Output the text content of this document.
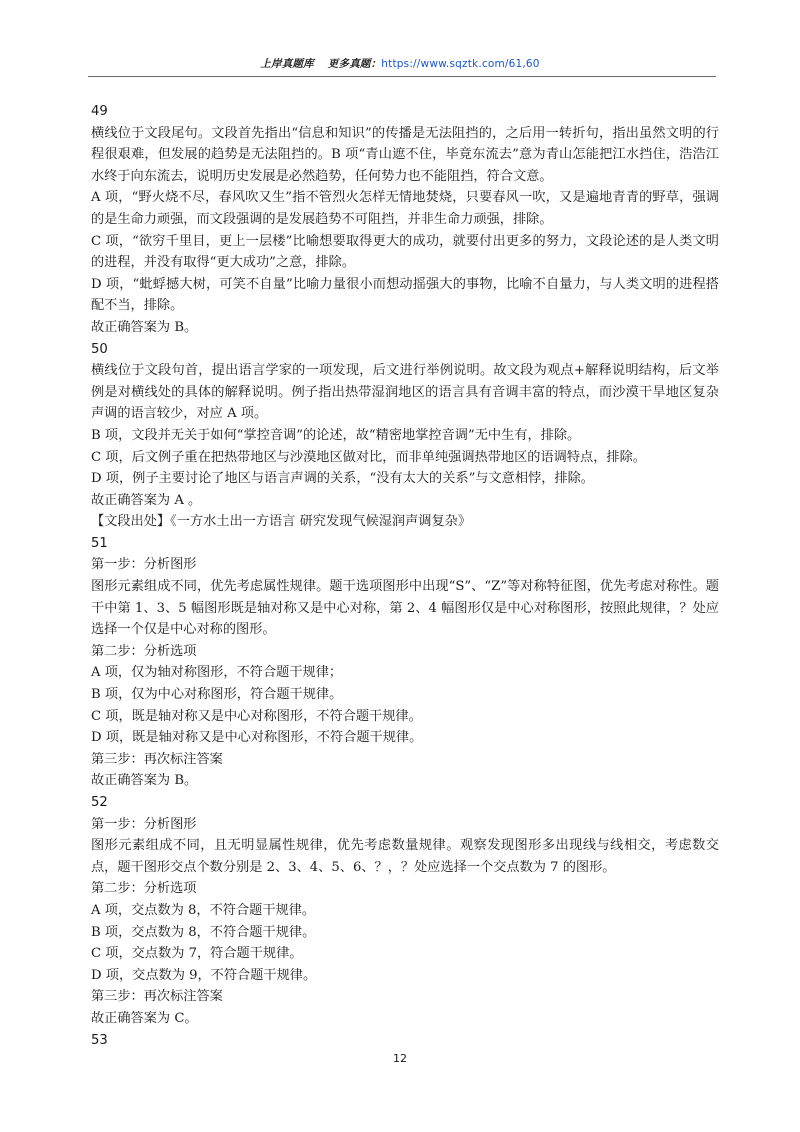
上岸真题库 更多真题：https://www.sqztk.com/61,60

49

横线位于文段尾句。文段首先指出“信息和知识”的传播是无法阻挡的，之后用一转折句，指出虽然文明的行程很艰难，但发展的趋势是无法阻挡的。B 项“青山遮不住，毕竟东流去”意为青山怎能把江水挡住，浩浩江水终于向东流去，说明历史发展是必然趋势，任何势力也不能阻挡，符合文意。

A 项，“野火烧不尽，春风吹又生”指不管烈火怎样无情地焚烧，只要春风一吹，又是遍地青青的野草，强调的是生命力顽强，而文段强调的是发展趋势不可阻挡，并非生命力顽强，排除。

C 项，“欲穷千里目，更上一层楼”比喻想要取得更大的成功，就要付出更多的努力，文段论述的是人类文明的进程，并没有取得“更大成功”之意，排除。

D 项，“蚍蜉撼大树，可笑不自量”比喻力量很小而想动摇强大的事物，比喻不自量力，与人类文明的进程搭配不当，排除。

故正确答案为 B。

50

横线位于文段句首，提出语言学家的一项发现，后文进行举例说明。故文段为观点+解释说明结构，后文举例是对横线处的具体的解释说明。例子指出热带湿润地区的语言具有音调丰富的特点，而沙漠干旱地区复杂声调的语言较少，对应 A 项。

B 项，文段并无关于如何“掌控音调”的论述，故“精密地掌控音调”无中生有，排除。

C 项，后文例子重在把热带地区与沙漠地区做对比，而非单纯强调热带地区的语调特点，排除。

D 项，例子主要讨论了地区与语言声调的关系，“没有太大的关系”与文意相悖，排除。

故正确答案为 A 。

【文段出处】《一方水土出一方语言 研究发现气候湿润声调复杂》

51

第一步：分析图形

图形元素组成不同，优先考虑属性规律。题干选项图形中出现“S”、“Z”等对称特征图，优先考虑对称性。题干中第 1、3、5 幅图形既是轴对称又是中心对称，第 2、4 幅图形仅是中心对称图形，按照此规律，？处应选择一个仅是中心对称的图形。

第二步：分析选项

A 项，仅为轴对称图形，不符合题干规律；

B 项，仅为中心对称图形，符合题干规律。

C 项，既是轴对称又是中心对称图形，不符合题干规律。

D 项，既是轴对称又是中心对称图形，不符合题干规律。

第三步：再次标注答案

故正确答案为 B。

52

第一步：分析图形

图形元素组成不同，且无明显属性规律，优先考虑数量规律。观察发现图形多出现线与线相交，考虑数交点，题干图形交点个数分别是 2、3、4、5、6、？，？处应选择一个交点数为 7 的图形。

第二步：分析选项

A 项，交点数为 8，不符合题干规律。

B 项，交点数为 8，不符合题干规律。

C 项，交点数为 7，符合题干规律。

D 项，交点数为 9，不符合题干规律。

第三步：再次标注答案

故正确答案为 C。

53

12
